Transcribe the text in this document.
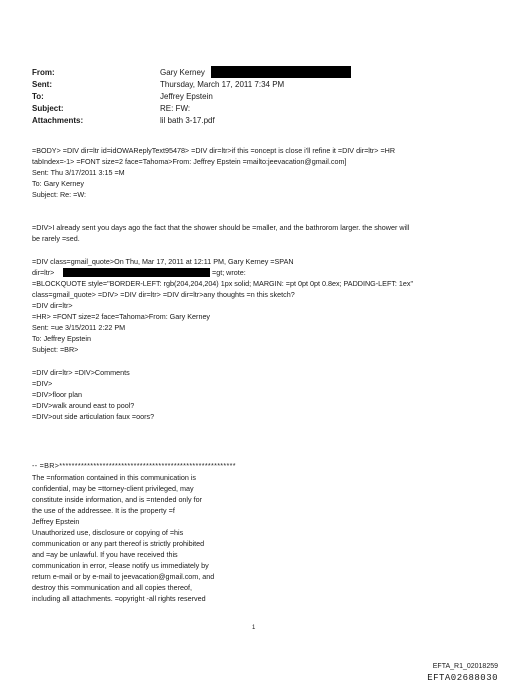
From:	Gary Kerney
Sent:	Thursday, March 17, 2011 7:34 PM
To:	Jeffrey Epstein
Subject:	RE: FW:
Attachments:	lil bath 3-17.pdf
=BODY> =DIV dir=ltr id=idOWAReplyText95478> =DIV dir=ltr>if this =oncept is close i'll refine it =DIV dir=ltr> =HR
tabIndex=-1> =FONT size=2 face=Tahoma>From: Jeffrey Epstein =mailto:jeevacation@gmail.com]
Sent: Thu 3/17/2011 3:15 =M
To: Gary Kerney
Subject: Re: =W:
=DIV>I already sent you days ago the fact that the shower should be =maller, and the bathrorom larger. the shower will
be rarely =sed.
=DIV class=gmail_quote>On Thu, Mar 17, 2011 at 12:11 PM, Gary Kerney =SPAN
dir=ltr>	=gt; wrote:
=BLOCKQUOTE style="BORDER-LEFT: rgb(204,204,204) 1px solid; MARGIN: =pt 0pt 0pt 0.8ex; PADDING-LEFT: 1ex"
class=gmail_quote> =DIV> =DIV dir=ltr> =DIV dir=ltr>any thoughts =n this sketch?
=DIV dir=ltr>
=HR> =FONT size=2 face=Tahoma>From: Gary Kerney
Sent: =ue 3/15/2011 2:22 PM
To: Jeffrey Epstein
Subject: =BR>
=DIV dir=ltr> =DIV>Comments
=DIV>
=DIV>floor plan
=DIV>walk around east to pool?
=DIV>out side articulation faux =oors?
-- =BR>*********************************************************
The =nformation contained in this communication is
confidential, may be =ttorney-client privileged, may
constitute inside information, and is =ntended only for
the use of the addressee. It is the property =f
Jeffrey Epstein
Unauthorized use, disclosure or copying of =his
communication or any part thereof is strictly prohibited
and =ay be unlawful. If you have received this
communication in error, =lease notify us immediately by
return e-mail or by e-mail to jeevacation@gmail.com, and
destroy this =ommunication and all copies thereof,
including all attachments. =opyright -all rights reserved
1
EFTA_R1_02018259
EFTA02688030
